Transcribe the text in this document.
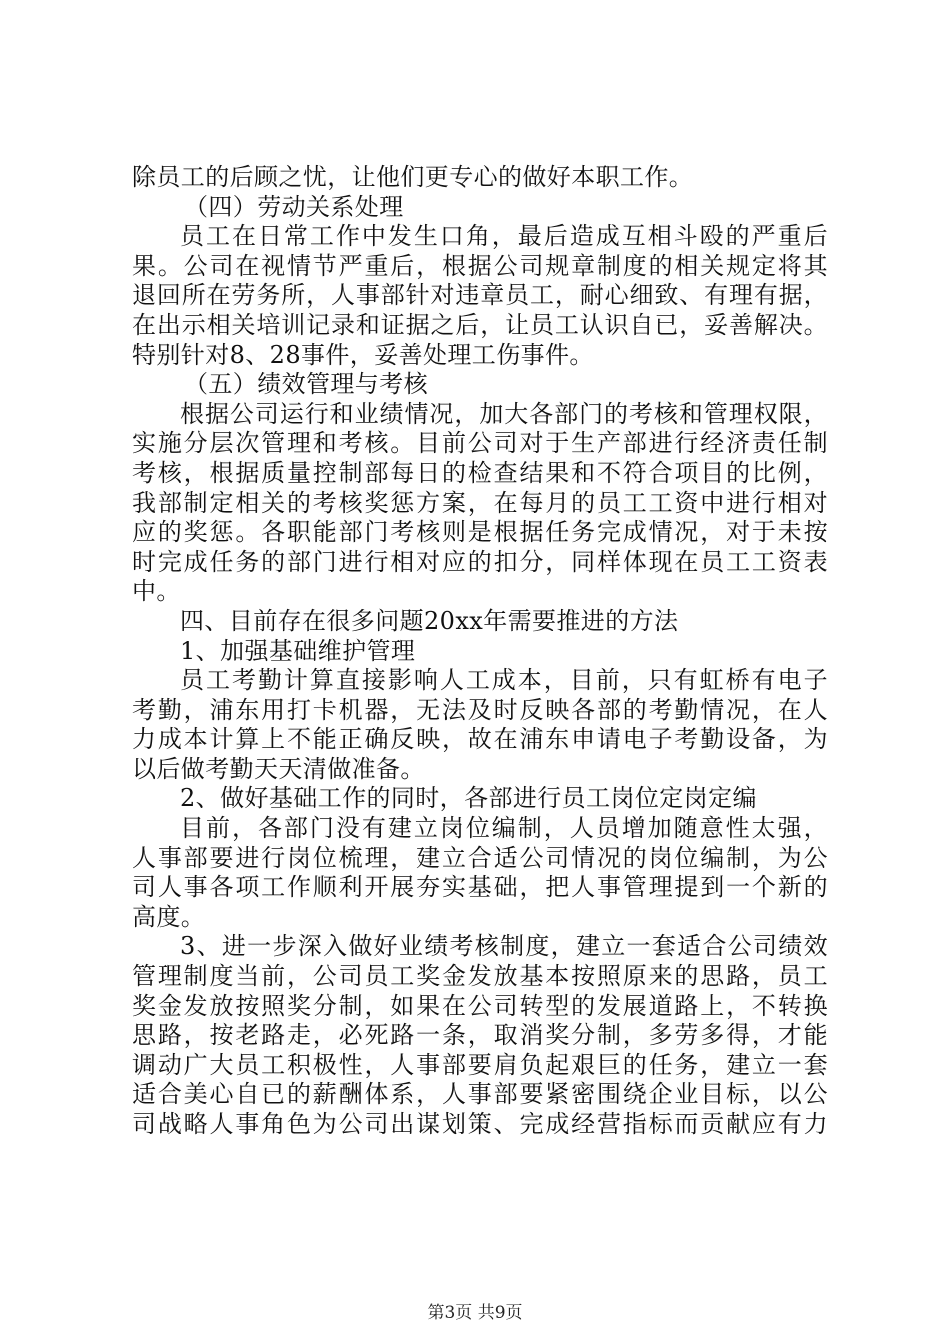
除员工的后顾之忧，让他们更专心的做好本职工作。
（四）劳动关系处理
员工在日常工作中发生口角，最后造成互相斗殴的严重后
果。公司在视情节严重后，根据公司规章制度的相关规定将其
退回所在劳务所，人事部针对违章员工，耐心细致、有理有据，
在出示相关培训记录和证据之后，让员工认识自已，妥善解决。
特别针对8、28事件，妥善处理工伤事件。
（五）绩效管理与考核
根据公司运行和业绩情况，加大各部门的考核和管理权限，
实施分层次管理和考核。目前公司对于生产部进行经济责任制
考核，根据质量控制部每日的检查结果和不符合项目的比例，
我部制定相关的考核奖惩方案，在每月的员工工资中进行相对
应的奖惩。各职能部门考核则是根据任务完成情况，对于未按
时完成任务的部门进行相对应的扣分，同样体现在员工工资表
中。
四、目前存在很多问题20xx年需要推进的方法
1、加强基础维护管理
员工考勤计算直接影响人工成本，目前，只有虹桥有电子
考勤，浦东用打卡机器，无法及时反映各部的考勤情况，在人
力成本计算上不能正确反映，故在浦东申请电子考勤设备，为
以后做考勤天天清做准备。
2、做好基础工作的同时，各部进行员工岗位定岗定编
目前，各部门没有建立岗位编制，人员增加随意性太强，
人事部要进行岗位梳理，建立合适公司情况的岗位编制，为公
司人事各项工作顺利开展夯实基础，把人事管理提到一个新的
高度。
3、进一步深入做好业绩考核制度，建立一套适合公司绩效
管理制度当前，公司员工奖金发放基本按照原来的思路，员工
奖金发放按照奖分制，如果在公司转型的发展道路上，不转换
思路，按老路走，必死路一条，取消奖分制，多劳多得，才能
调动广大员工积极性，人事部要肩负起艰巨的任务，建立一套
适合美心自已的薪酬体系，人事部要紧密围绕企业目标，以公
司战略人事角色为公司出谋划策、完成经营指标而贡献应有力
第3页 共9页
